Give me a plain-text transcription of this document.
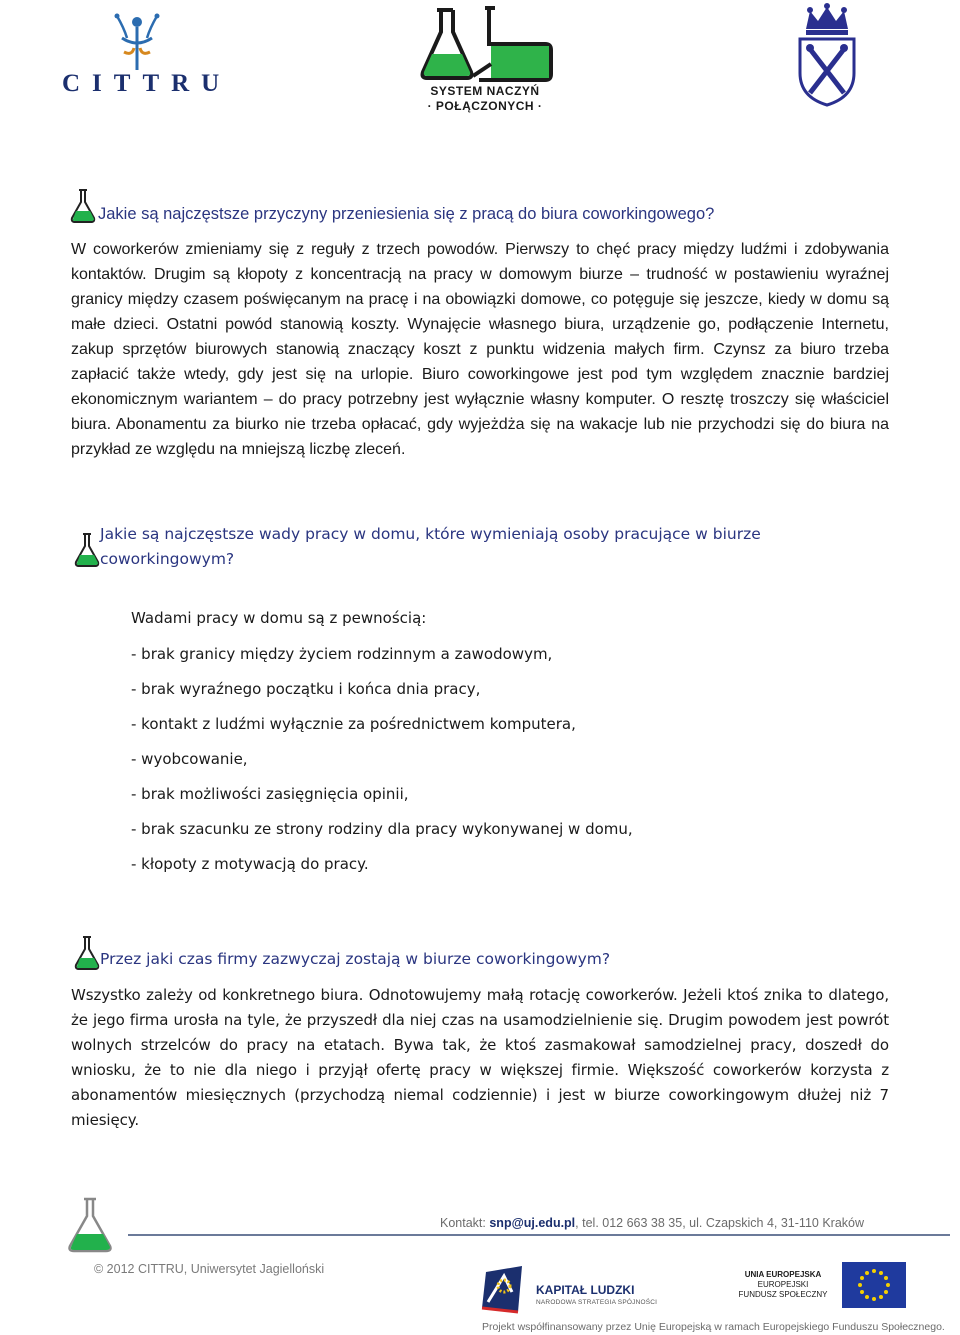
CITTRU	SYSTEM NACZYŃ
· POŁĄCZONYCH ·
Jakie są najczęstsze przyczyny przeniesienia się z pracą do biura coworkingowego?
W coworkerów zmieniamy się z reguły z trzech powodów. Pierwszy to chęć pracy między ludźmi i zdobywania kontaktów. Drugim są kłopoty z koncentracją na pracy w domowym biurze – trudność w postawieniu wyraźnej granicy między czasem poświęcanym na pracę i na obowiązki domowe, co potęguje się jeszcze, kiedy w domu są małe dzieci. Ostatni powód stanowią koszty. Wynajęcie własnego biura, urządzenie go, podłączenie Internetu, zakup sprzętów biurowych stanowią znaczący koszt z punktu widzenia małych firm. Czynsz za biuro trzeba zapłacić także wtedy, gdy jest się na urlopie. Biuro coworkingowe jest pod tym względem znacznie bardziej ekonomicznym wariantem – do pracy potrzebny jest wyłącznie własny komputer. O resztę troszczy się właściciel biura. Abonamentu za biurko nie trzeba opłacać, gdy wyjeżdża się na wakacje lub nie przychodzi się do biura na przykład ze względu na mniejszą liczbę zleceń.
Jakie są najczęstsze wady pracy w domu, które wymieniają osoby pracujące w biurze
coworkingowym?
Wadami pracy w domu są z pewnością:
- brak granicy między życiem rodzinnym a zawodowym,
- brak wyraźnego początku i końca dnia pracy,
- kontakt z ludźmi wyłącznie za pośrednictwem komputera,
- wyobcowanie,
- brak możliwości zasięgnięcia opinii,
- brak szacunku ze strony rodziny dla pracy wykonywanej w domu,
- kłopoty z motywacją do pracy.
Przez jaki czas firmy zazwyczaj zostają w biurze coworkingowym?
Wszystko zależy od konkretnego biura. Odnotowujemy małą rotację coworkerów. Jeżeli ktoś znika to dlatego, że jego firma urosła na tyle, że przyszedł dla niej czas na usamodzielnienie się. Drugim powodem jest powrót wolnych strzelców do pracy na etatach. Bywa tak, że ktoś zasmakował samodzielnej pracy, doszedł do wniosku, że to nie dla niego i przyjął ofertę pracy w większej firmie. Większość coworkerów korzysta z abonamentów miesięcznych (przychodzą niemal codziennie) i jest w biurze coworkingowym dłużej niż 7 miesięcy.
Kontakt: snp@uj.edu.pl, tel. 012 663 38 35, ul. Czapskich 4, 31-110 Kraków
© 2012 CITTRU, Uniwersytet Jagielloński
KAPITAŁ LUDZKI
NARODOWA STRATEGIA SPÓJNOŚCI
UNIA EUROPEJSKA
EUROPEJSKI
FUNDUSZ SPOŁECZNY
Projekt współfinansowany przez Unię Europejską w ramach Europejskiego Funduszu Społecznego.
